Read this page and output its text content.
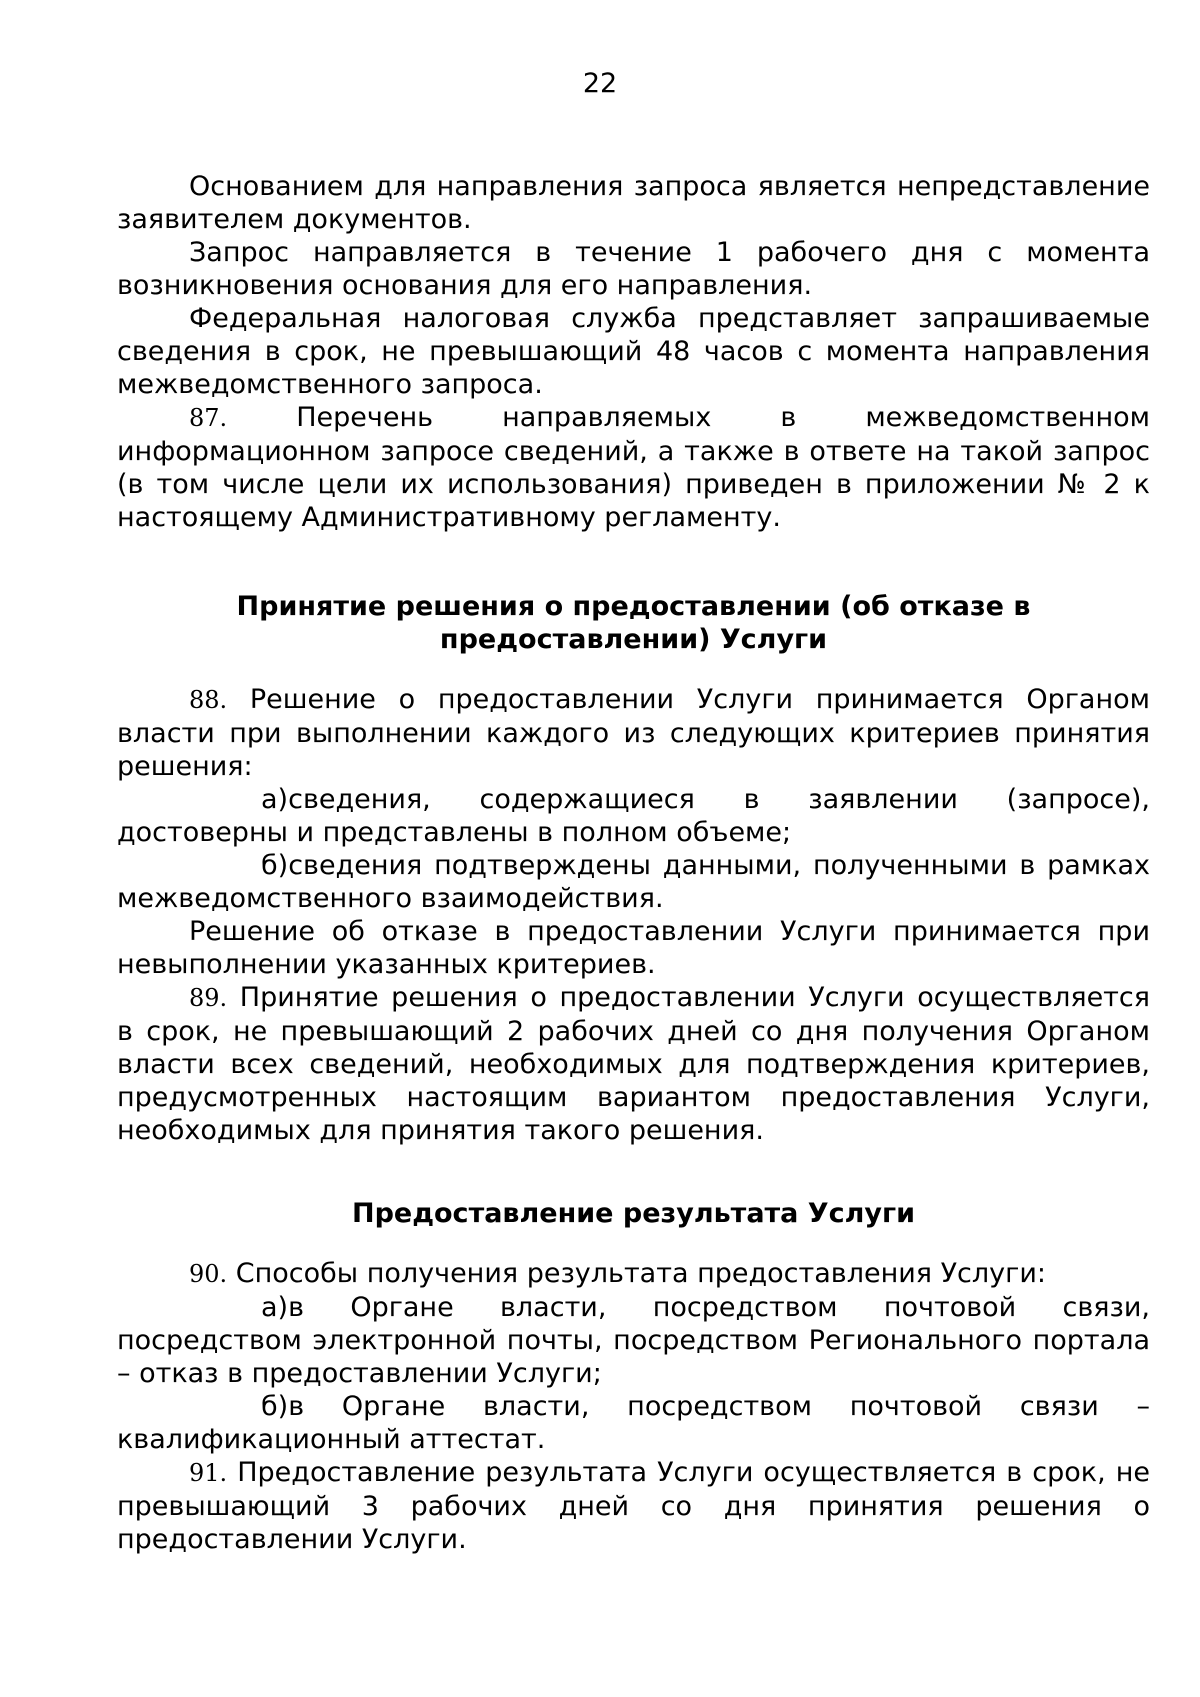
22

Основанием для направления запроса является непредставление заявителем документов.

Запрос направляется в течение 1 рабочего дня с момента возникновения основания для его направления.

Федеральная налоговая служба представляет запрашиваемые сведения в срок, не превышающий 48 часов с момента направления межведомственного запроса.

87.	Перечень направляемых в межведомственном информационном запросе сведений, а также в ответе на такой запрос (в том числе цели их использования) приведен в приложении № 2 к настоящему Административному регламенту.

Принятие решения о предоставлении (об отказе в
предоставлении) Услуги

88. Решение о предоставлении Услуги принимается Органом власти при выполнении каждого из следующих критериев принятия решения:

а)сведения, содержащиеся в заявлении (запросе), достоверны и представлены в полном объеме;

б)сведения подтверждены данными, полученными в рамках межведомственного взаимодействия.

Решение об отказе в предоставлении Услуги принимается при невыполнении указанных критериев.

89. Принятие решения о предоставлении Услуги осуществляется в срок, не превышающий 2 рабочих дней со дня получения Органом власти всех сведений, необходимых для подтверждения критериев, предусмотренных настоящим вариантом предоставления Услуги, необходимых для принятия такого решения.

Предоставление результата Услуги

90. Способы получения результата предоставления Услуги:

а)в Органе власти, посредством почтовой связи, посредством электронной почты, посредством Регионального портала – отказ в предоставлении Услуги;

б)в Органе власти, посредством почтовой связи – квалификационный аттестат.

91. Предоставление результата Услуги осуществляется в срок, не превышающий 3 рабочих дней со дня принятия решения о предоставлении Услуги.
